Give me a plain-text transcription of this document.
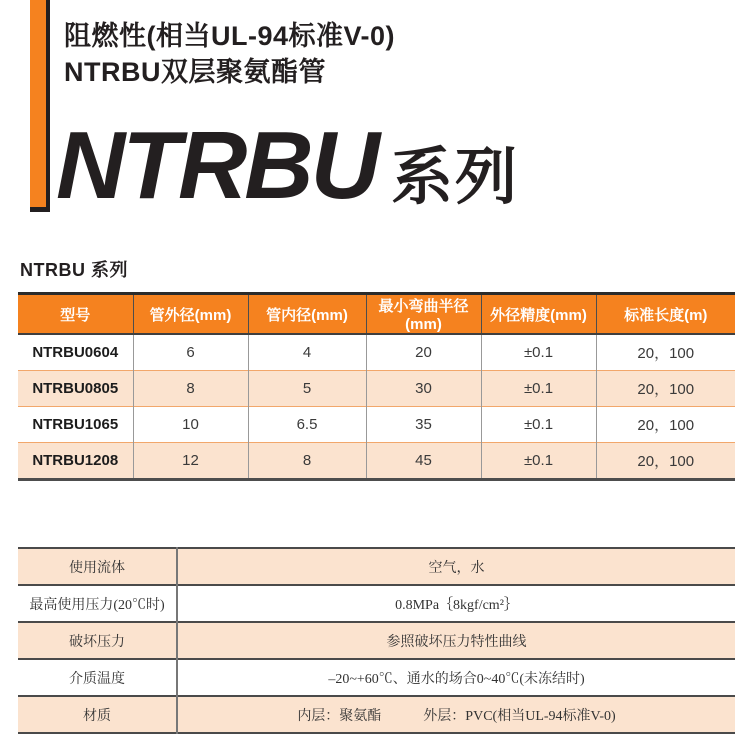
阻燃性(相当UL-94标准V-0)
NTRBU双层聚氨酯管
NTRBU 系列
NTRBU 系列
型号	管外径(mm)	管内径(mm)	最小弯曲半径(mm)	外径精度(mm)	标准长度(m)
NTRBU0604	6	4	20	±0.1	20，100
NTRBU0805	8	5	30	±0.1	20，100
NTRBU1065	10	6.5	35	±0.1	20，100
NTRBU1208	12	8	45	±0.1	20，100
使用流体	空气，水
最高使用压力(20℃时)	0.8MPa｛8kgf/cm²｝
破坏压力	参照破坏压力特性曲线
介质温度	–20~+60℃、通水的场合0~40℃(未冻结时)
材质	内层：聚氨酯　　　外层：PVC(相当UL-94标准V-0)
